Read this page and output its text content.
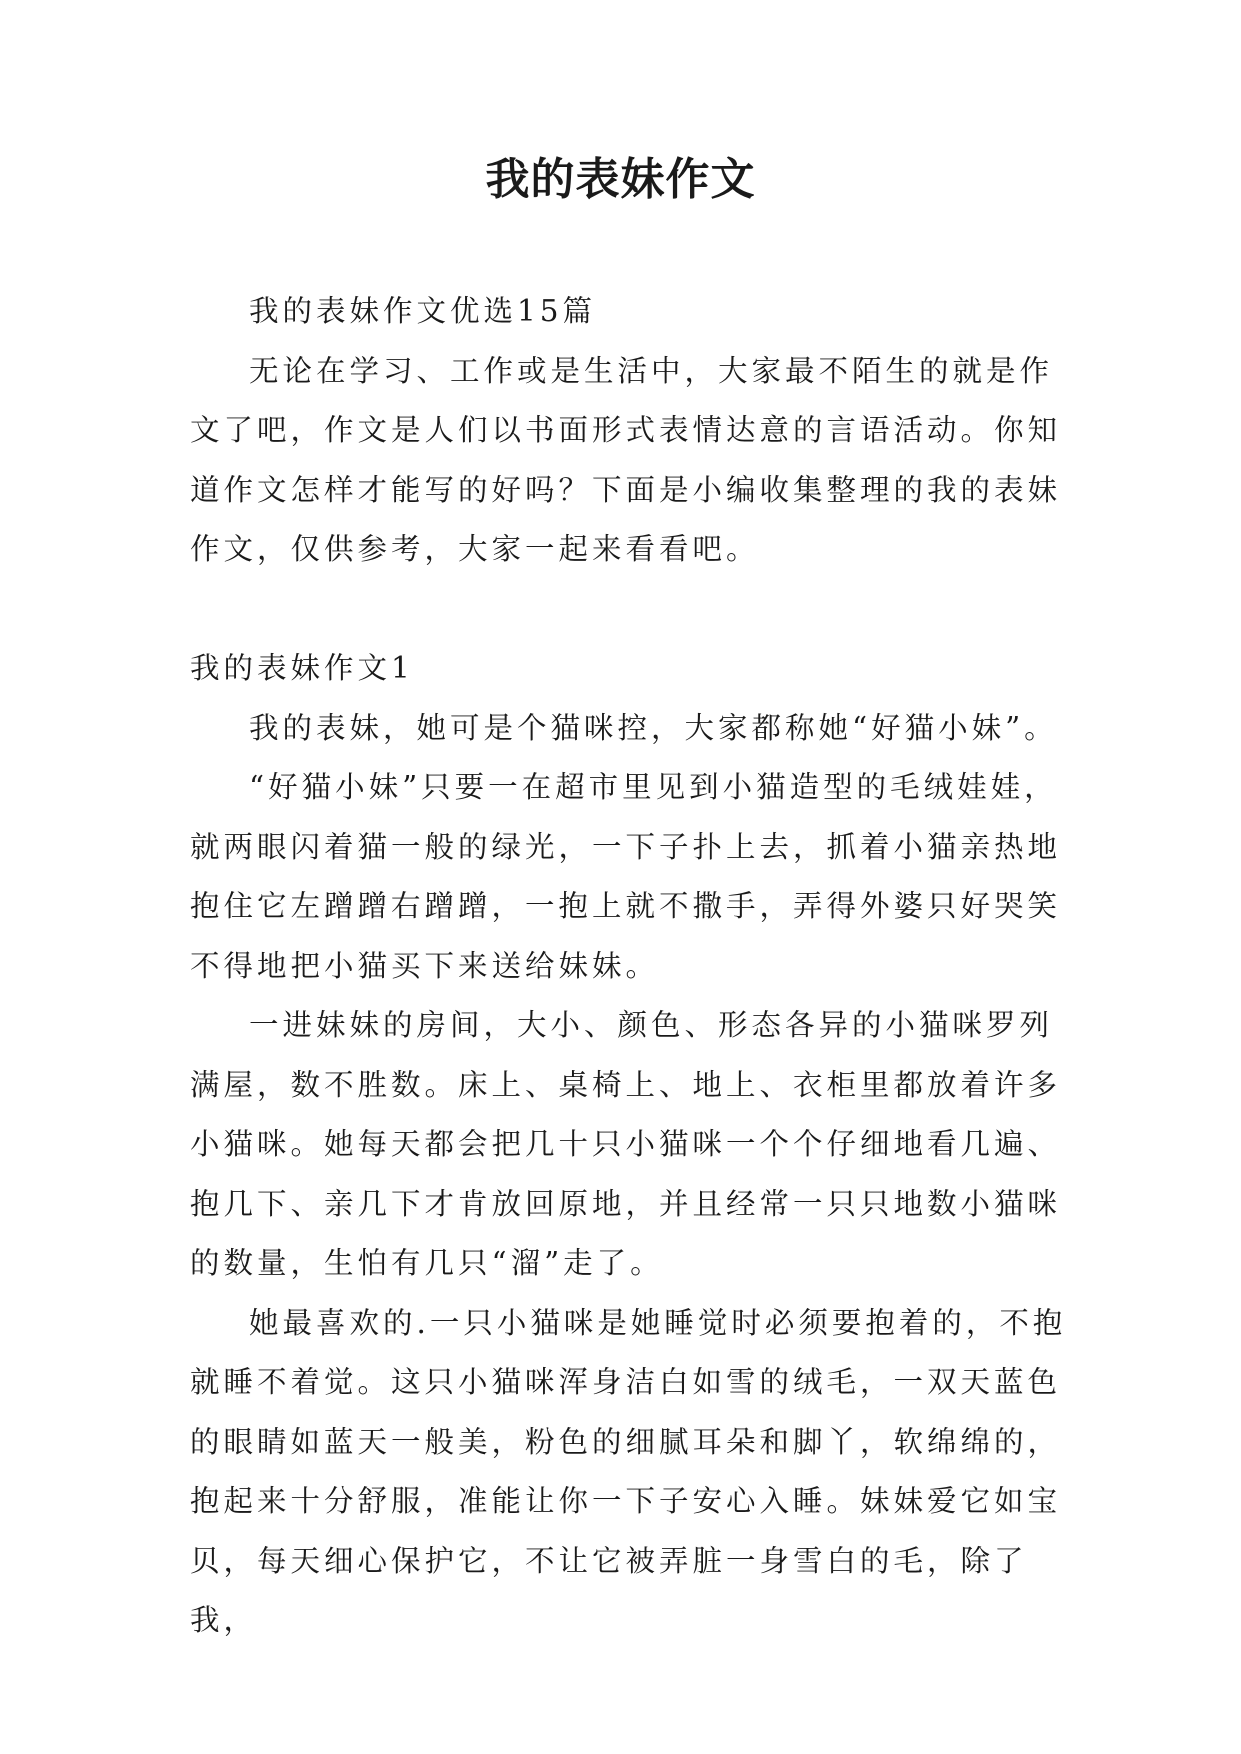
我的表妹作文

我的表妹作文优选15篇

无论在学习、工作或是生活中，大家最不陌生的就是作文了吧，作文是人们以书面形式表情达意的言语活动。你知道作文怎样才能写的好吗？下面是小编收集整理的我的表妹作文，仅供参考，大家一起来看看吧。

我的表妹作文1

我的表妹，她可是个猫咪控，大家都称她“好猫小妹”。

“好猫小妹”只要一在超市里见到小猫造型的毛绒娃娃，就两眼闪着猫一般的绿光，一下子扑上去，抓着小猫亲热地抱住它左蹭蹭右蹭蹭，一抱上就不撒手，弄得外婆只好哭笑不得地把小猫买下来送给妹妹。

一进妹妹的房间，大小、颜色、形态各异的小猫咪罗列满屋，数不胜数。床上、桌椅上、地上、衣柜里都放着许多小猫咪。她每天都会把几十只小猫咪一个个仔细地看几遍、抱几下、亲几下才肯放回原地，并且经常一只只地数小猫咪的数量，生怕有几只“溜”走了。

她最喜欢的.一只小猫咪是她睡觉时必须要抱着的，不抱就睡不着觉。这只小猫咪浑身洁白如雪的绒毛，一双天蓝色的眼睛如蓝天一般美，粉色的细腻耳朵和脚丫，软绵绵的，抱起来十分舒服，准能让你一下子安心入睡。妹妹爱它如宝贝，每天细心保护它，不让它被弄脏一身雪白的毛，除了我，
